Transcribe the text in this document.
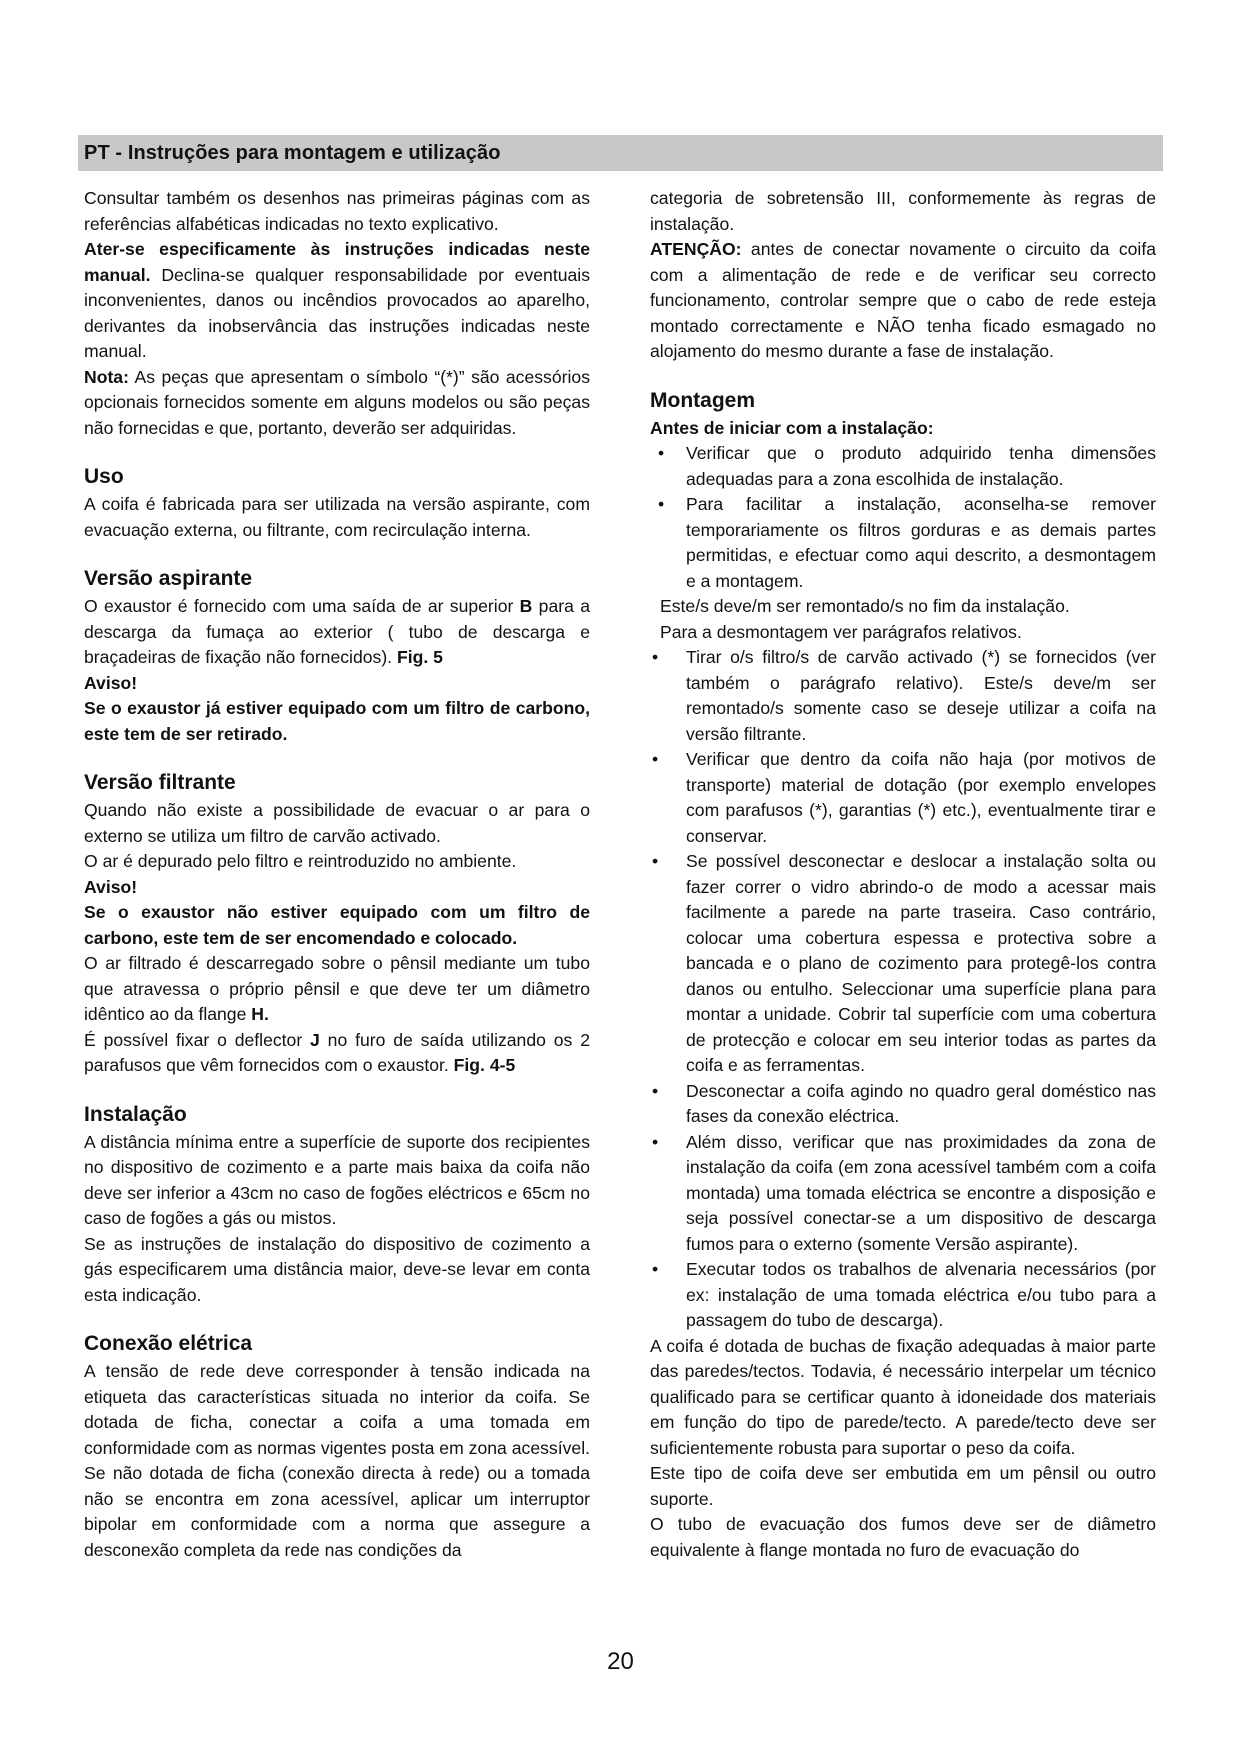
PT - Instruções para montagem e utilização

Consultar também os desenhos nas primeiras páginas com as referências alfabéticas indicadas no texto explicativo.

Ater-se especificamente às instruções indicadas neste manual. Declina-se qualquer responsabilidade por eventuais inconvenientes, danos ou incêndios provocados ao aparelho, derivantes da inobservância das instruções indicadas neste manual.

Nota: As peças que apresentam o símbolo “(*)” são acessórios opcionais fornecidos somente em alguns modelos ou são peças não fornecidas e que, portanto, deverão ser adquiridas.

Uso

A coifa é fabricada para ser utilizada na versão aspirante, com evacuação externa, ou filtrante, com recirculação interna.

Versão aspirante

O exaustor é fornecido com uma saída de ar superior B para a descarga da fumaça ao exterior ( tubo de descarga e braçadeiras de fixação não fornecidos). Fig. 5

Aviso!

Se o exaustor já estiver equipado com um filtro de carbono, este tem de ser retirado.

Versão filtrante

Quando não existe a possibilidade de evacuar o ar para o externo se utiliza um filtro de carvão activado.

O ar é depurado pelo filtro e reintroduzido no ambiente.

Aviso!

Se o exaustor não estiver equipado com um filtro de carbono, este tem de ser encomendado e colocado.

O ar filtrado é descarregado sobre o pênsil mediante um tubo que atravessa o próprio pênsil e que deve ter um diâmetro idêntico ao da flange H.

É possível fixar o deflector J no furo de saída utilizando os 2 parafusos que vêm fornecidos com o exaustor. Fig. 4-5

Instalação

A distância mínima entre a superfície de suporte dos recipientes no dispositivo de cozimento e a parte mais baixa da coifa não deve ser inferior a 43cm no caso de fogões eléctricos e 65cm no caso de fogões a gás ou mistos.

Se as instruções de instalação do dispositivo de cozimento a gás especificarem uma distância maior, deve-se levar em conta esta indicação.

Conexão elétrica

A tensão de rede deve corresponder à tensão indicada na etiqueta das características situada no interior da coifa. Se dotada de ficha, conectar a coifa a uma tomada em conformidade com as normas vigentes posta em zona acessível. Se não dotada de ficha (conexão directa à rede) ou a tomada não se encontra em zona acessível, aplicar um interruptor bipolar em conformidade com a norma que assegure a desconexão completa da rede nas condições da

categoria de sobretensão III, conformemente às regras de instalação.

ATENÇÃO: antes de conectar novamente o circuito da coifa com a alimentação de rede e de verificar seu correcto funcionamento, controlar sempre que o cabo de rede esteja montado correctamente e NÃO tenha ficado esmagado no alojamento do mesmo durante a fase de instalação.

Montagem

Antes de iniciar com a instalação:

• Verificar que o produto adquirido tenha dimensões adequadas para a zona escolhida de instalação.

• Para facilitar a instalação, aconselha-se remover temporariamente os filtros gorduras e as demais partes permitidas, e efectuar como aqui descrito, a desmontagem e a montagem.

Este/s deve/m ser remontado/s no fim da instalação.

Para a desmontagem ver parágrafos relativos.

• Tirar o/s filtro/s de carvão activado (*) se fornecidos (ver também o parágrafo relativo). Este/s deve/m ser remontado/s somente caso se deseje utilizar a coifa na versão filtrante.

• Verificar que dentro da coifa não haja (por motivos de transporte) material de dotação (por exemplo envelopes com parafusos (*), garantias (*) etc.), eventualmente tirar e conservar.

• Se possível desconectar e deslocar a instalação solta ou fazer correr o vidro abrindo-o de modo a acessar mais facilmente a parede na parte traseira. Caso contrário, colocar uma cobertura espessa e protectiva sobre a bancada e o plano de cozimento para protegê-los contra danos ou entulho. Seleccionar uma superfície plana para montar a unidade. Cobrir tal superfície com uma cobertura de protecção e colocar em seu interior todas as partes da coifa e as ferramentas.

• Desconectar a coifa agindo no quadro geral doméstico nas fases da conexão eléctrica.

• Além disso, verificar que nas proximidades da zona de instalação da coifa (em zona acessível também com a coifa montada) uma tomada eléctrica se encontre a disposição e seja possível conectar-se a um dispositivo de descarga fumos para o externo (somente Versão aspirante).

• Executar todos os trabalhos de alvenaria necessários (por ex: instalação de uma tomada eléctrica e/ou tubo para a passagem do tubo de descarga).

A coifa é dotada de buchas de fixação adequadas à maior parte das paredes/tectos. Todavia, é necessário interpelar um técnico qualificado para se certificar quanto à idoneidade dos materiais em função do tipo de parede/tecto. A parede/tecto deve ser suficientemente robusta para suportar o peso da coifa.

Este tipo de coifa deve ser embutida em um pênsil ou outro suporte.

O tubo de evacuação dos fumos deve ser de diâmetro equivalente à flange montada no furo de evacuação do

20
